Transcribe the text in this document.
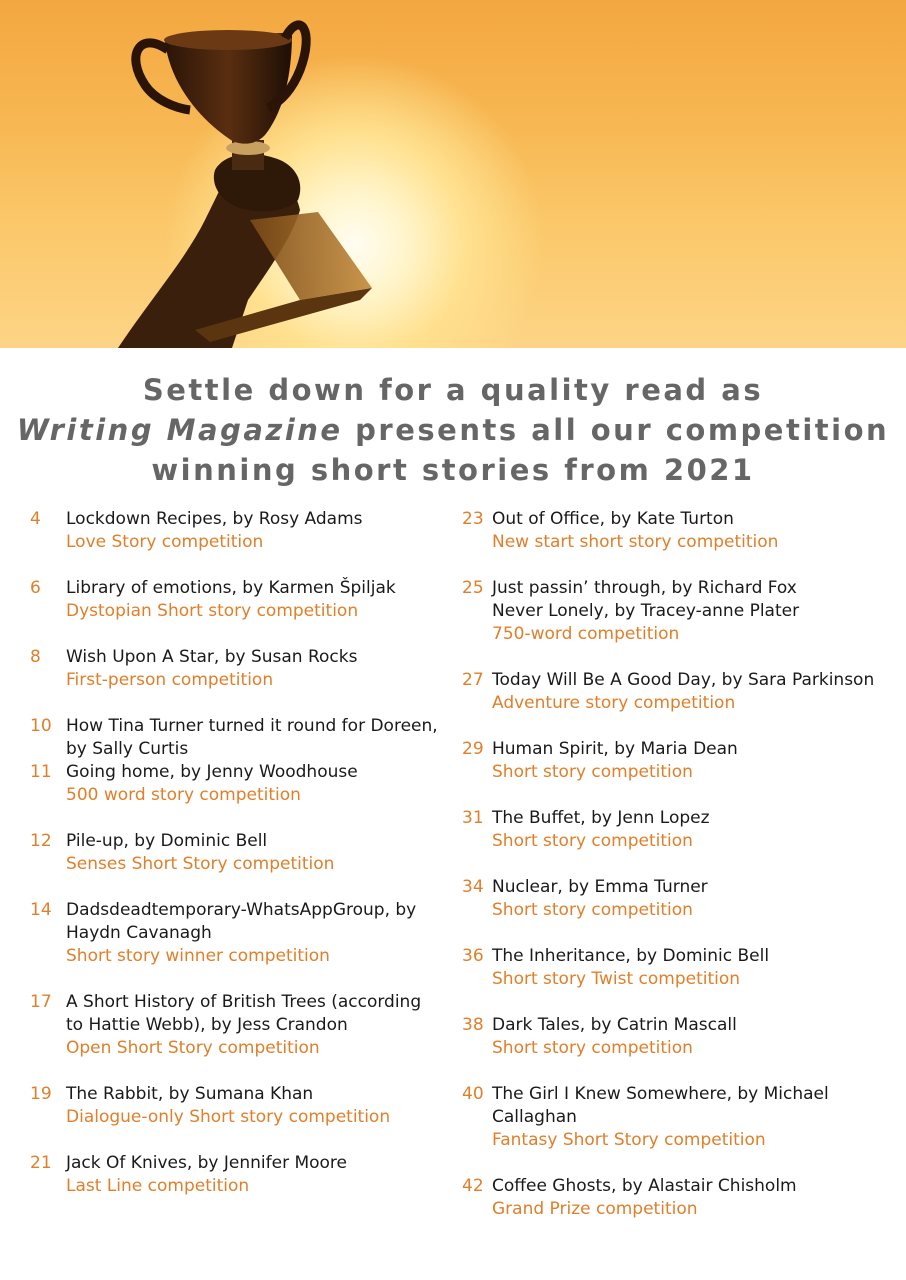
Settle down for a quality read as
Writing Magazine presents all our competition
winning short stories from 2021
4	Lockdown Recipes, by Rosy Adams
Love Story competition
6	Library of emotions, by Karmen Špiljak
Dystopian Short story competition
8	Wish Upon A Star, by Susan Rocks
First-person competition
10 How Tina Turner turned it round for Doreen,
by Sally Curtis
11 Going home, by Jenny Woodhouse
500 word story competition
12 Pile-up, by Dominic Bell
Senses Short Story competition
14 Dadsdeadtemporary-WhatsAppGroup, by
Haydn Cavanagh
Short story winner competition
17 A Short History of British Trees (according
to Hattie Webb), by Jess Crandon
Open Short Story competition
19 The Rabbit, by Sumana Khan
Dialogue-only Short story competition
21 Jack Of Knives, by Jennifer Moore
Last Line competition
23 Out of Office, by Kate Turton
New start short story competition
25 Just passin’ through, by Richard Fox
Never Lonely, by Tracey-anne Plater
750-word competition
27 Today Will Be A Good Day, by Sara Parkinson
Adventure story competition
29 Human Spirit, by Maria Dean
Short story competition
31 The Buffet, by Jenn Lopez
Short story competition
34 Nuclear, by Emma Turner
Short story competition
36 The Inheritance, by Dominic Bell
Short story Twist competition
38 Dark Tales, by Catrin Mascall
Short story competition
40 The Girl I Knew Somewhere, by Michael
Callaghan
Fantasy Short Story competition
42 Coffee Ghosts, by Alastair Chisholm
Grand Prize competition
